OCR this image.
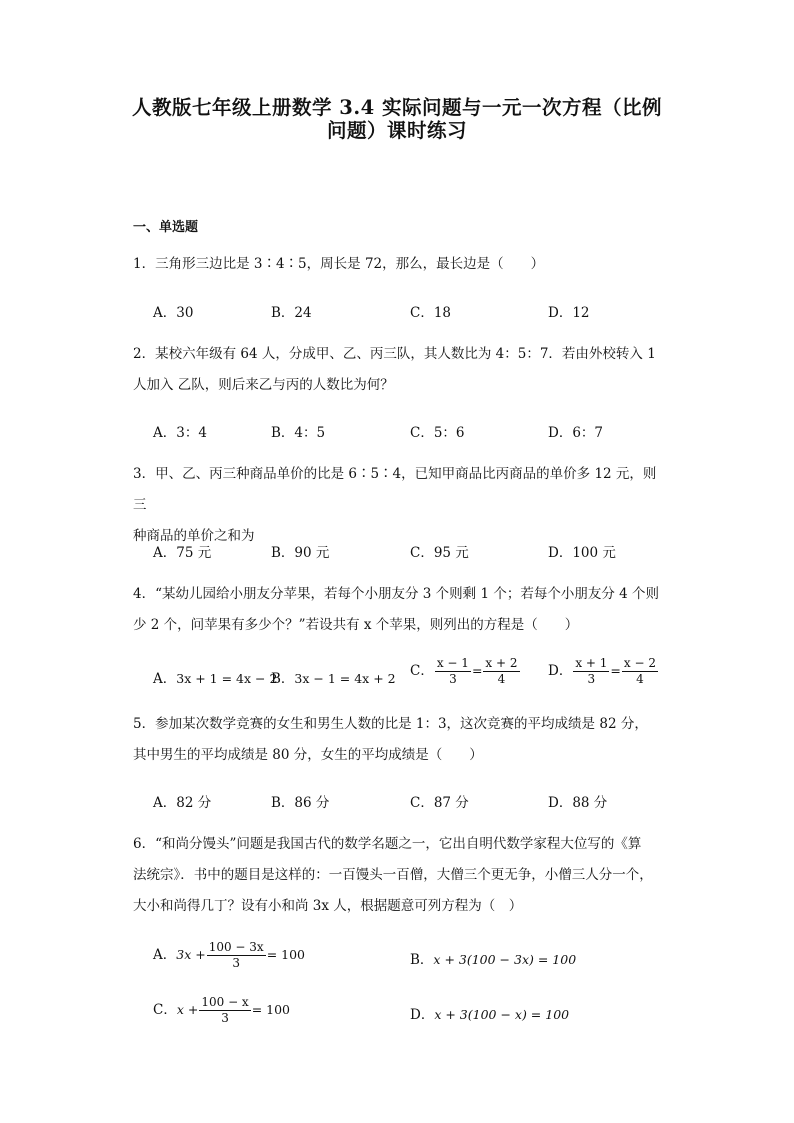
人教版七年级上册数学 3.4 实际问题与一元一次方程（比例
问题）课时练习
一、单选题
1．三角形三边比是 3∶4∶5，周长是 72，那么，最长边是（　　）
A．30	B．24	C．18	D．12
2．某校六年级有 64 人，分成甲、乙、丙三队，其人数比为 4：5：7．若由外校转入 1
人加入 乙队，则后来乙与丙的人数比为何？
A．3：4	B．4：5	C．5：6	D．6：7
3．甲、乙、丙三种商品单价的比是 6∶5∶4，已知甲商品比丙商品的单价多 12 元，则三
种商品的单价之和为
A．75 元	B．90 元	C．95 元	D．100 元
4．“某幼儿园给小朋友分苹果，若每个小朋友分 3 个则剩 1 个；若每个小朋友分 4 个则
少 2 个，问苹果有多少个？”若设共有 x 个苹果，则列出的方程是（　　）
A．3x + 1 = 4x − 2
B．3x − 1 = 4x + 2 C． $\frac{x - 1}{3} = \frac{x + 2}{4}$ D． $\frac{x + 1}{3} = \frac{x - 2}{4}$
5．参加某次数学竞赛的女生和男生人数的比是 1：3，这次竞赛的平均成绩是 82 分，
其中男生的平均成绩是 80 分，女生的平均成绩是（　　）
A．82 分	B．86 分	C．87 分	D．88 分
6．“和尚分馒头”问题是我国古代的数学名题之一，它出自明代数学家程大位写的《算
法统宗》．书中的题目是这样的：一百馒头一百僧，大僧三个更无争，小僧三人分一个，
大小和尚得几丁？设有小和尚 3x 人，根据题意可列方程为（　）
A．$3x + \frac{100 - 3x}{3} = 100$	B．x + 3(100 − 3x) = 100
C．$x + \frac{100 - x}{3} = 100$	D．x + 3(100 − x) = 100
